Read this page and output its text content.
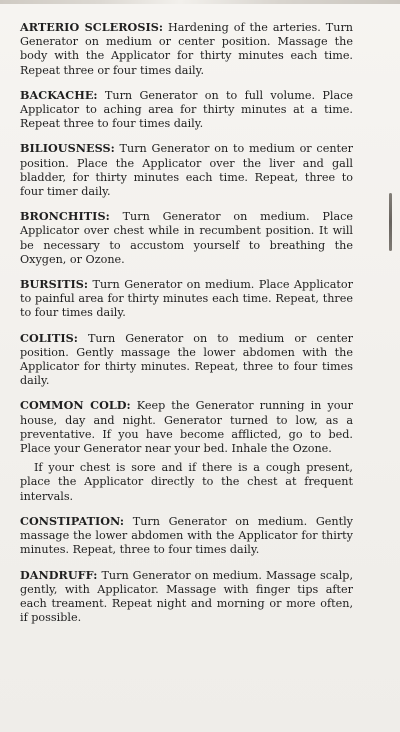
ARTERIO SCLEROSIS: Hardening of the arteries. Turn Generator on medium or center position. Massage the body with the Applicator for thirty minutes each time. Repeat three or four times daily.

BACKACHE: Turn Generator on to full volume. Place Applicator to aching area for thirty minutes at a time. Repeat three to four times daily.

BILIOUSNESS: Turn Generator on to medium or center position. Place the Applicator over the liver and gall bladder, for thirty minutes each time. Repeat, three to four timer daily.

BRONCHITIS: Turn Generator on medium. Place Applicator over chest while in recumbent position. It will be necessary to accustom yourself to breathing the Oxygen, or Ozone.

BURSITIS: Turn Generator on medium. Place Applicator to painful area for thirty minutes each time. Repeat, three to four times daily.

COLITIS: Turn Generator on to medium or center position. Gently massage the lower abdomen with the Applicator for thirty minutes. Repeat, three to four times daily.

COMMON COLD: Keep the Generator running in your house, day and night. Generator turned to low, as a preventative. If you have become afflicted, go to bed. Place your Generator near your bed. Inhale the Ozone.
If your chest is sore and if there is a cough present, place the Applicator directly to the chest at frequent intervals.

CONSTIPATION: Turn Generator on medium. Gently massage the lower abdomen with the Applicator for thirty minutes. Repeat, three to four times daily.

DANDRUFF: Turn Generator on medium. Massage scalp, gently, with Applicator. Massage with finger tips after each treament. Repeat night and morning or more often, if possible.
